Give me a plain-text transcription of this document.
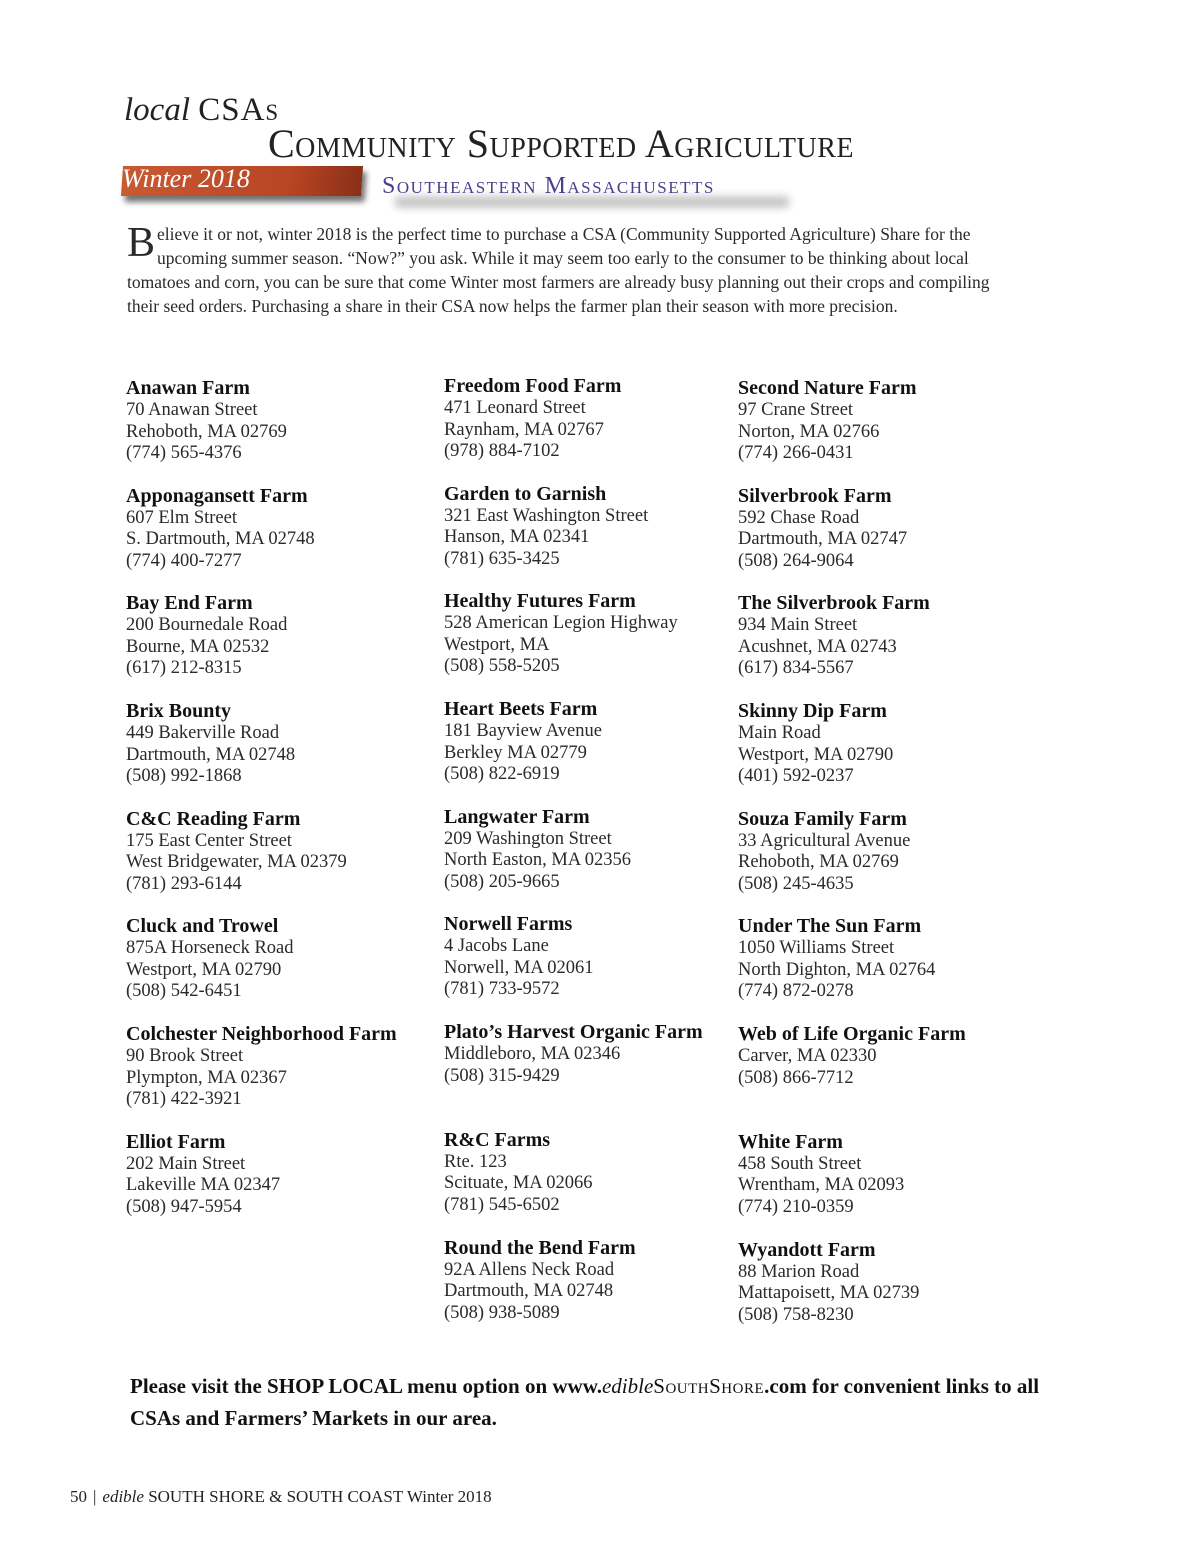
local CSAs
Community Supported Agriculture
Winter 2018	Southeastern Massachusetts

B elieve it or not, winter 2018 is the perfect time to purchase a CSA (Community Supported Agriculture) Share for the upcoming summer season. “Now?” you ask. While it may seem too early to the consumer to be thinking about local tomatoes and corn, you can be sure that come Winter most farmers are already busy planning out their crops and compiling their seed orders. Purchasing a share in their CSA now helps the farmer plan their season with more precision.

Anawan Farm
70 Anawan Street
Rehoboth, MA 02769
(774) 565-4376
Apponagansett Farm
607 Elm Street
S. Dartmouth, MA 02748
(774) 400-7277
Bay End Farm
200 Bournedale Road
Bourne, MA 02532
(617) 212-8315
Brix Bounty
449 Bakerville Road
Dartmouth, MA 02748
(508) 992-1868
C&C Reading Farm
175 East Center Street
West Bridgewater, MA 02379
(781) 293-6144
Cluck and Trowel
875A Horseneck Road
Westport, MA 02790
(508) 542-6451
Colchester Neighborhood Farm
90 Brook Street
Plympton, MA 02367
(781) 422-3921
Elliot Farm
202 Main Street
Lakeville MA 02347
(508) 947-5954
Freedom Food Farm
471 Leonard Street
Raynham, MA 02767
(978) 884-7102
Garden to Garnish
321 East Washington Street
Hanson, MA 02341
(781) 635-3425
Healthy Futures Farm
528 American Legion Highway
Westport, MA
(508) 558-5205
Heart Beets Farm
181 Bayview Avenue
Berkley MA 02779
(508) 822-6919
Langwater Farm
209 Washington Street
North Easton, MA 02356
(508) 205-9665
Norwell Farms
4 Jacobs Lane
Norwell, MA 02061
(781) 733-9572
Plato’s Harvest Organic Farm
Middleboro, MA 02346
(508) 315-9429
R&C Farms
Rte. 123
Scituate, MA 02066
(781) 545-6502
Round the Bend Farm
92A Allens Neck Road
Dartmouth, MA 02748
(508) 938-5089
Second Nature Farm
97 Crane Street
Norton, MA 02766
(774) 266-0431
Silverbrook Farm
592 Chase Road
Dartmouth, MA 02747
(508) 264-9064
The Silverbrook Farm
934 Main Street
Acushnet, MA 02743
(617) 834-5567
Skinny Dip Farm
Main Road
Westport, MA 02790
(401) 592-0237
Souza Family Farm
33 Agricultural Avenue
Rehoboth, MA 02769
(508) 245-4635
Under The Sun Farm
1050 Williams Street
North Dighton, MA 02764
(774) 872-0278
Web of Life Organic Farm
Carver, MA 02330
(508) 866-7712
White Farm
458 South Street
Wrentham, MA 02093
(774) 210-0359
Wyandott Farm
88 Marion Road
Mattapoisett, MA 02739
(508) 758-8230

Please visit the SHOP LOCAL menu option on www.edibleSouthShore.com for convenient links to all CSAs and Farmers’ Markets in our area.

50 | edible SOUTH SHORE & SOUTH COAST Winter 2018
